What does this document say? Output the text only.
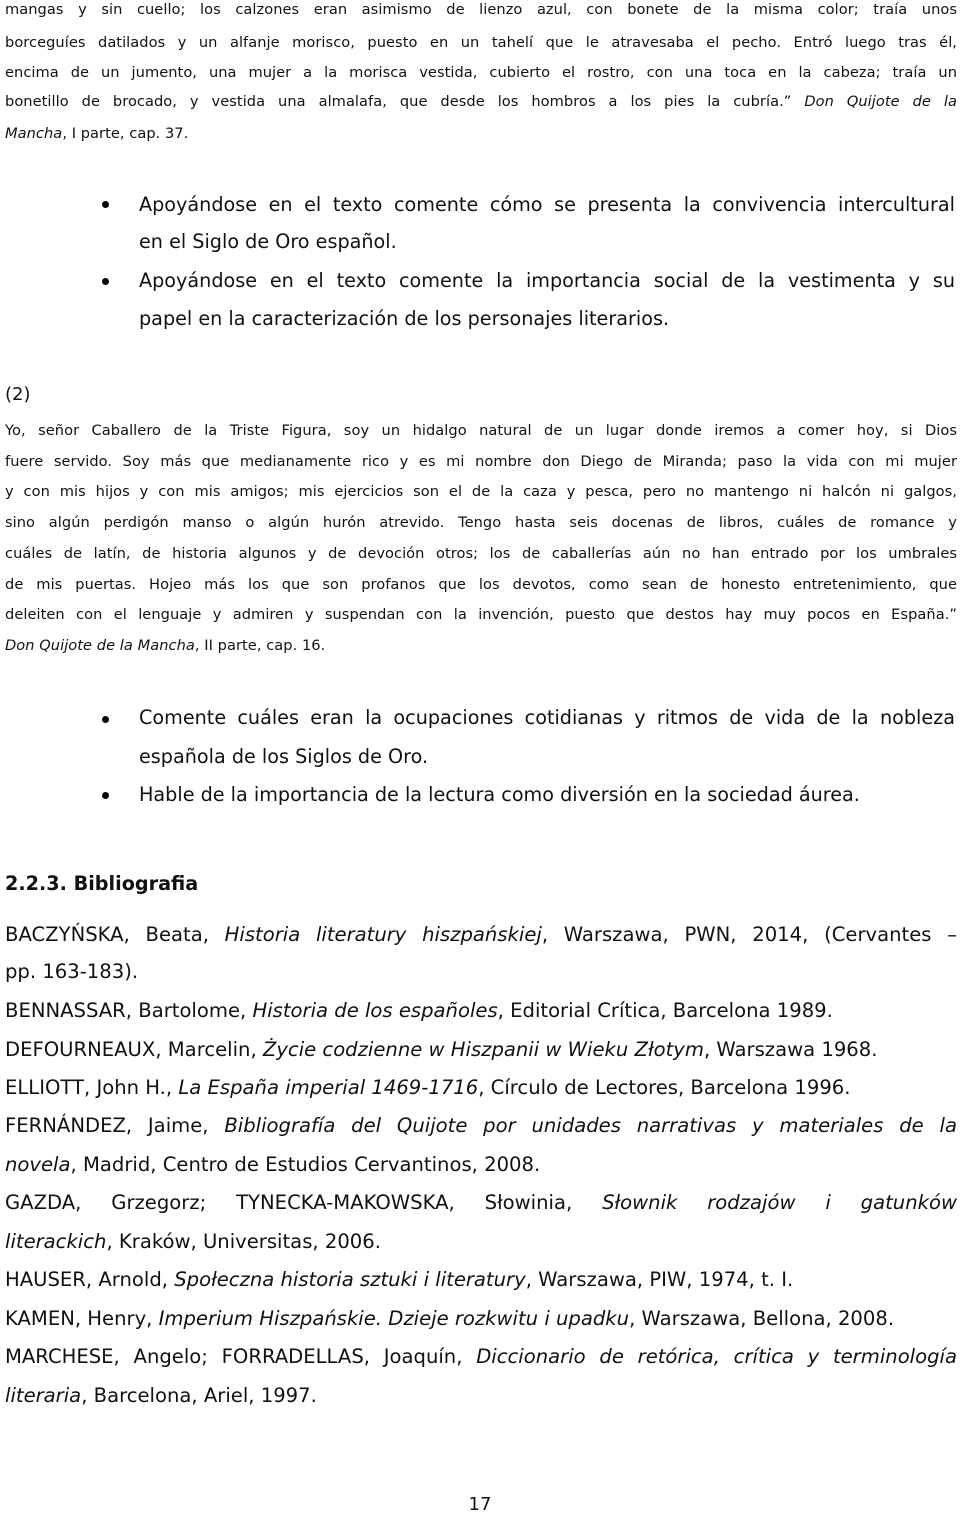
mangas y sin cuello; los calzones eran asimismo de lienzo azul, con bonete de la misma color; traía unos

borceguíes datilados y un alfanje morisco, puesto en un tahelí que le atravesaba el pecho. Entró luego tras él,

encima de un jumento, una mujer a la morisca vestida, cubierto el rostro, con una toca en la cabeza; traía un

bonetillo de brocado, y vestida una almalafa, que desde los hombros a los pies la cubría.” Don Quijote de la

Mancha, I parte, cap. 37.

Apoyándose en el texto comente cómo se presenta la convivencia intercultural

en el Siglo de Oro español.

Apoyándose en el texto comente la importancia social de la vestimenta y su

papel en la caracterización de los personajes literarios.

(2)

Yo, señor Caballero de la Triste Figura, soy un hidalgo natural de un lugar donde iremos a comer hoy, si Dios

fuere servido. Soy más que medianamente rico y es mi nombre don Diego de Miranda; paso la vida con mi mujer

y con mis hijos y con mis amigos; mis ejercicios son el de la caza y pesca, pero no mantengo ni halcón ni galgos,

sino algún perdigón manso o algún hurón atrevido. Tengo hasta seis docenas de libros, cuáles de romance y

cuáles de latín, de historia algunos y de devoción otros; los de caballerías aún no han entrado por los umbrales

de mis puertas. Hojeo más los que son profanos que los devotos, como sean de honesto entretenimiento, que

deleiten con el lenguaje y admiren y suspendan con la invención, puesto que destos hay muy pocos en España.”

Don Quijote de la Mancha, II parte, cap. 16.

Comente cuáles eran la ocupaciones cotidianas y ritmos de vida de la nobleza

española de los Siglos de Oro.

Hable de la importancia de la lectura como diversión en la sociedad áurea.

2.2.3. Bibliografia

BACZYŃSKA, Beata, Historia literatury hiszpańskiej, Warszawa, PWN, 2014, (Cervantes –

pp. 163-183).

BENNASSAR, Bartolome, Historia de los españoles, Editorial Crítica, Barcelona 1989.

DEFOURNEAUX, Marcelin, Życie codzienne w Hiszpanii w Wieku Złotym, Warszawa 1968.

ELLIOTT, John H., La España imperial 1469-1716, Círculo de Lectores, Barcelona 1996.

FERNÁNDEZ, Jaime, Bibliografía del Quijote por unidades narrativas y materiales de la

novela, Madrid, Centro de Estudios Cervantinos, 2008.

GAZDA, Grzegorz; TYNECKA-MAKOWSKA, Słowinia, Słownik rodzajów i gatunków

literackich, Kraków, Universitas, 2006.

HAUSER, Arnold, Społeczna historia sztuki i literatury, Warszawa, PIW, 1974, t. I.

KAMEN, Henry, Imperium Hiszpańskie. Dzieje rozkwitu i upadku, Warszawa, Bellona, 2008.

MARCHESE, Angelo; FORRADELLAS, Joaquín, Diccionario de retórica, crítica y terminología

literaria, Barcelona, Ariel, 1997.

17
